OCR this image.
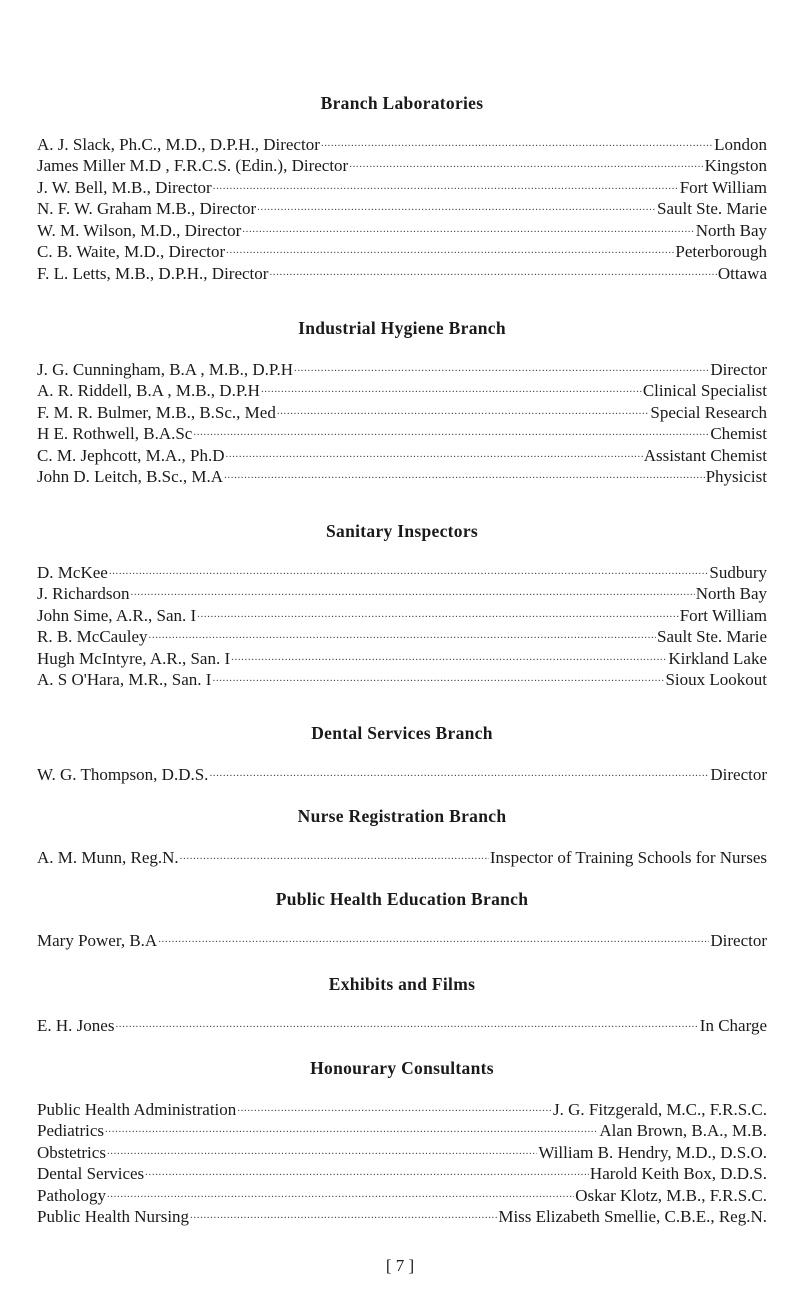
Branch Laboratories
A. J. Slack, Ph.C., M.D., D.P.H., Director .....	London
James Miller M.D , F.R.C.S. (Edin.), Director .....	Kingston
J. W. Bell, M.B., Director .....	Fort William
N. F. W. Graham M.B., Director .....	Sault Ste. Marie
W. M. Wilson, M.D., Director .....	North Bay
C. B. Waite, M.D., Director .....	Peterborough
F. L. Letts, M.B., D.P.H., Director .....	Ottawa
Industrial Hygiene Branch
J. G. Cunningham, B.A , M.B., D.P.H .....	Director
A. R. Riddell, B.A , M.B., D.P.H .....	Clinical Specialist
F. M. R. Bulmer, M.B., B.Sc., Med .....	Special Research
H E. Rothwell, B.A.Sc .....	Chemist
C. M. Jephcott, M.A., Ph.D .....	Assistant Chemist
John D. Leitch, B.Sc., M.A .....	Physicist
Sanitary Inspectors
D. McKee .....	Sudbury
J. Richardson .....	North Bay
John Sime, A.R., San. I .....	Fort William
R. B. McCauley .....	Sault Ste. Marie
Hugh McIntyre, A.R., San. I .....	Kirkland Lake
A. S O'Hara, M.R., San. I .....	Sioux Lookout
Dental Services Branch
W. G. Thompson, D.D.S. .....	Director
Nurse Registration Branch
A. M. Munn, Reg.N. .....	Inspector of Training Schools for Nurses
Public Health Education Branch
Mary Power, B.A .....	Director
Exhibits and Films
E. H. Jones .....	In Charge
Honourary Consultants
Public Health Administration .....	J. G. Fitzgerald, M.C., F.R.S.C.
Pediatrics .....	Alan Brown, B.A., M.B.
Obstetrics .....	William B. Hendry, M.D., D.S.O.
Dental Services .....	Harold Keith Box, D.D.S.
Pathology .....	Oskar Klotz, M.B., F.R.S.C.
Public Health Nursing .....	Miss Elizabeth Smellie, C.B.E., Reg.N.
[ 7 ]
